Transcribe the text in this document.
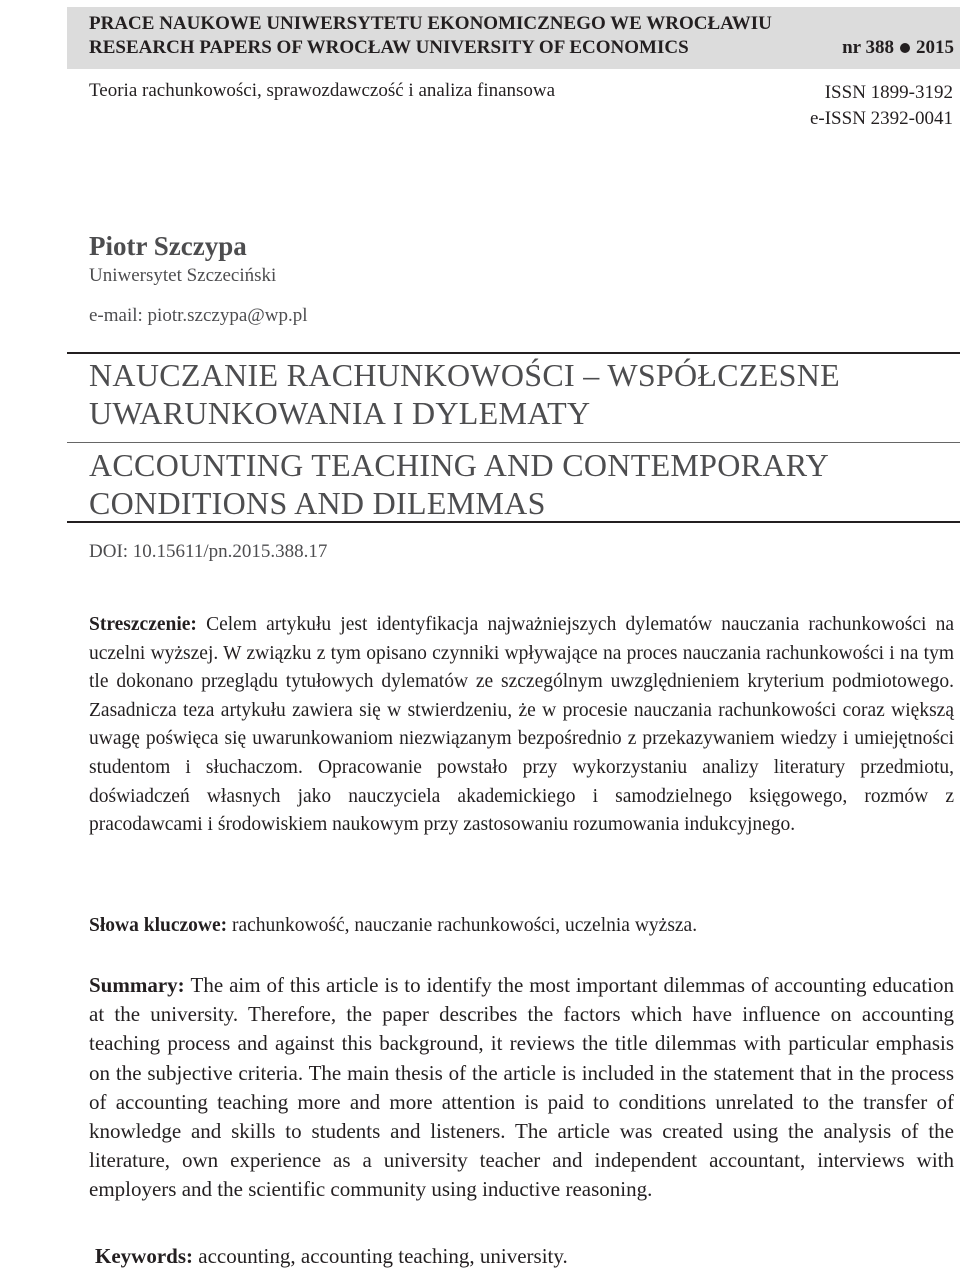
PRACE NAUKOWE UNIWERSYTETU EKONOMICZNEGO WE WROCŁAWIU
RESEARCH PAPERS OF WROCŁAW UNIVERSITY OF ECONOMICS	nr 388 2015
Teoria rachunkowości, sprawozdawczość i analiza finansowa	ISSN 1899-3192
e-ISSN 2392-0041
Piotr Szczypa
Uniwersytet Szczeciński
e-mail: piotr.szczypa@wp.pl
NAUCZANIE RACHUNKOWOŚCI – WSPÓŁCZESNE
UWARUNKOWANIA I DYLEMATY
ACCOUNTING TEACHING AND CONTEMPORARY
CONDITIONS AND DILEMMAS
DOI: 10.15611/pn.2015.388.17
Streszczenie: Celem artykułu jest identyfikacja najważniejszych dylematów nauczania rachunkowości na uczelni wyższej. W związku z tym opisano czynniki wpływające na proces nauczania rachunkowości i na tym tle dokonano przeglądu tytułowych dylematów ze szczególnym uwzględnieniem kryterium podmiotowego. Zasadnicza teza artykułu zawiera się w stwierdzeniu, że w procesie nauczania rachunkowości coraz większą uwagę poświęca się uwarunkowaniom niezwiązanym bezpośrednio z przekazywaniem wiedzy i umiejętności studentom i słuchaczom. Opracowanie powstało przy wykorzystaniu analizy literatury przedmiotu, doświadczeń własnych jako nauczyciela akademickiego i samodzielnego księgowego, rozmów z pracodawcami i środowiskiem naukowym przy zastosowaniu rozumowania indukcyjnego.
Słowa kluczowe: rachunkowość, nauczanie rachunkowości, uczelnia wyższa.
Summary: The aim of this article is to identify the most important dilemmas of accounting education at the university. Therefore, the paper describes the factors which have influence on accounting teaching process and against this background, it reviews the title dilemmas with particular emphasis on the subjective criteria. The main thesis of the article is included in the statement that in the process of accounting teaching more and more attention is paid to conditions unrelated to the transfer of knowledge and skills to students and listeners. The article was created using the analysis of the literature, own experience as a university teacher and independent accountant, interviews with employers and the scientific community using inductive reasoning.
Keywords: accounting, accounting teaching, university.
